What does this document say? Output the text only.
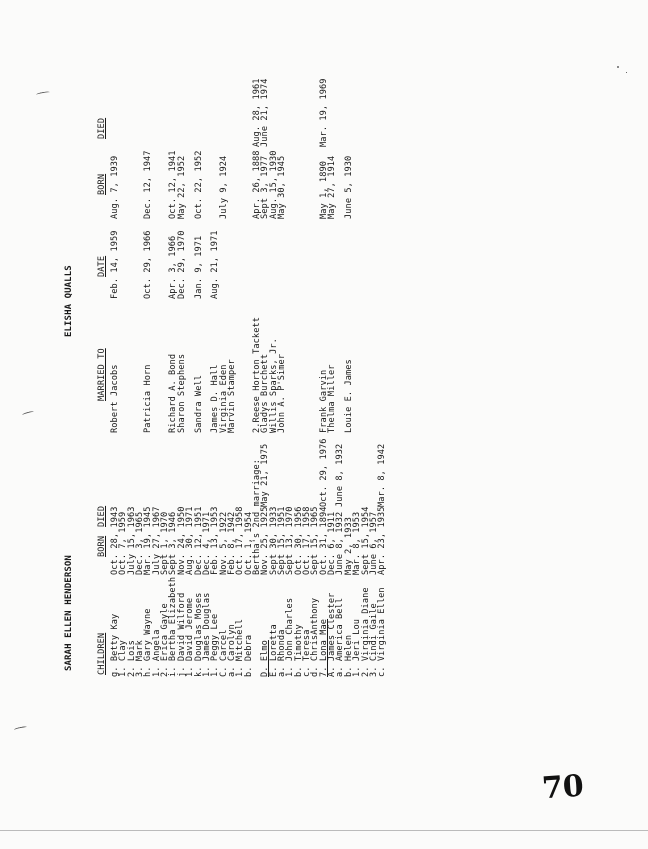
SARAH ELLEN HENDERSON
ELISHA QUALLS
CHILDREN
BORN
DIED
MARRIED TO
DATE
BORN
DIED
g. Betty Kay
Oct. 28, 1943
Robert Jacobs
Feb. 14, 1959
Aug. 7, 1939
1. Clay
Oct. 7, 1959
2. Lois
July 15, 1963
3. Mark
Dec. 3, 1965
h. Gary Wayne
Mar. 19, 1945
Patricia Horn
Oct. 29, 1966
Dec. 12, 1947
1. Angela
July 27, 1967
2. Erica Gayle
Sept 1, 1970
i. Bertha Elizabeth
Sept 3, 1946
Richard A. Bond
Apr. 3, 1966
Oct. 12, 1941
j. David Wilford
Nov. 24, 1950
Sharon Stephens
Dec. 29, 1970
May 22, 1952
1. David Jerome
Aug. 30, 1971
k. Douglas Moses
Dec. 12, 1951
Sandra Well
Jan. 9, 1971
Oct. 22, 1952
1. James Douglas
Dec. 4, 1971
1. Peggy Lee
Feb. 13, 1953
James D. Hall
Aug. 21, 1971
C. Carcel
Nov. 5, 1922
Virginia Eden
July 9, 1924
a. Carolyn
Feb. 8, 1942
Marvin Stamper
1. Mitchell
Oct. 17, 1958
b. Debra
Oct. 1, 1954
Bertha's 2nd marriage:
2.Reese Horton Tackett
Apr. 26, 1888
Aug. 28, 1961
D. Elmo
Nov. 25, 1925
May 21, 1975
Gladys Burchett
Sept 3, 1977
June 21, 1974
E. Loretta
Sept 30, 1933
Willis Sparks, Jr.
Aug. 15, 1930
a. Rhonda
Sept 15, 1951
John A. P'Simer
May 30, 1945
1. John Charles
Sept 13, 1970
b. Timothy
Oct. 30, 1956
c. Teresa
Oct. 17, 1958
d. ChrisAnthony
Sept 15, 1965
7. Lona Mae
Oct. 31, 1894
Oct. 29, 1976
Frank Garvin
May 1, 1890
Mar. 19, 1969
A. James Clester
Dec. 6, 1911
Thelma Miller
May 27, 1914
a. America Bell
June 8, 1932
June 8, 1932
b. Helen
May 2, 1933
Louie E. James
June 5, 1930
1. Jeri Lou
Mar. 8, 1953
2. Virginia Diane
Sept 15, 1954
3. Cindi Gaile
June 6, 1957
c. Virginia Ellen
Apr. 23, 1935
Mar. 8, 1942
70
